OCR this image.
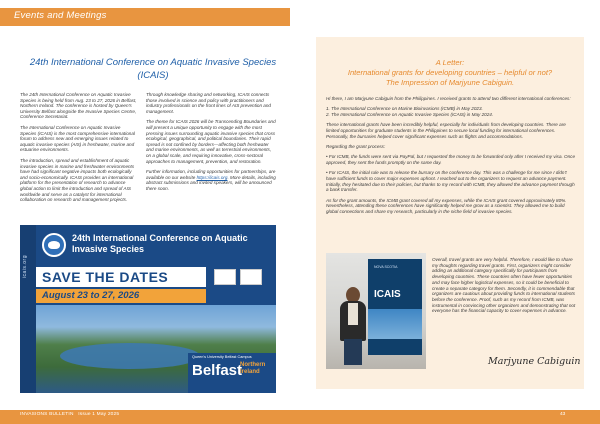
Events and Meetings
24th International Conference on Aquatic Invasive Species (ICAIS)

The 24th International Conference on Aquatic Invasive Species is being held from Aug. 23 to 27, 2026 in Belfast, Northern Ireland. The conference is hosted by Queen's University Belfast alongside the Invasive Species Centre, Conference Secretariat.

The International Conference on Aquatic Invasive Species (ICAIS) is the most comprehensive international forum to address new and emerging issues related to aquatic invasive species (AIS) in freshwater, marine and estuarine environments.

The introduction, spread and establishment of aquatic invasive species in marine and freshwater environments have had significant negative impacts both ecologically and socio-economically. ICAIS provides an international platform for the presentation of research to advance global action to limit the introduction and spread of AIS worldwide and serve as a catalyst for international collaboration on research and management projects.

Through knowledge sharing and networking, ICAIS connects those involved in science and policy with practitioners and industry professionals on the front lines of AIS prevention and management.

The theme for ICAIS 2026 will be Transcending Boundaries and will present a unique opportunity to engage with the most pressing issues surrounding aquatic invasive species that cross ecological, geographical, and political boundaries. Their rapid spread is not confined by borders—affecting both freshwater and marine environments, as well as terrestrial environments, on a global scale, and requiring innovative, cross-sectoral approaches to management, prevention, and restoration.

Further information, including opportunities for partnerships, are available on our website https://icais.org. More details, including abstract submissions and invited speakers, will be announced there soon.

icais.org
24th International Conference on Aquatic Invasive Species
SAVE THE DATES
August 23 to 27, 2026
Queen's University Belfast Campus
Belfast
Northern Ireland
A Letter:
International grants for developing countries – helpful or not?
The Impression of Marjyune Cabiguin.

Hi there, I am Marjyune Cabiguin from the Philippines. I received grants to attend two different international conferences:

1. The International Conference on Marine Bioinvasions (ICMB) in May 2023.
2. The International Conference on Aquatic Invasive Species (ICAIS) in May 2024.

These international grants have been incredibly helpful, especially for individuals from developing countries. There are limited opportunities for graduate students in the Philippines to secure local funding for international conferences. Personally, the bursaries helped cover significant expenses such as flights and accommodations.

Regarding the grant process:

• For ICMB, the funds were sent via PayPal, but I requested the money to be forwarded only after I received my visa. Once approved, they sent the funds promptly on the same day.

• For ICAIS, the initial rule was to release the bursary on the conference day. This was a challenge for me since I didn't have sufficient funds to cover major expenses upfront. I reached out to the organizers to request an advance payment. Initially, they hesitated due to their policies, but thanks to my record with ICMB, they allowed the advance payment through a bank transfer.

As for the grant amounts, the ICMB grant covered all my expenses, while the ICAIS grant covered approximately 80%. Nevertheless, attending these conferences have significantly helped me grow as a scientist. They allowed me to build global connections and share my research, particularly in the niche field of invasive species.

NOVA SCOTIA
ICAIS
Overall, travel grants are very helpful. Therefore, I would like to share my thoughts regarding travel grants. First, organizers might consider adding an additional category specifically for participants from developing countries. These countries often have fewer opportunities and may face higher logistical expenses, so it could be beneficial to create a separate category for them. Secondly, it is commendable that organizers are cautious about providing funds to international students before the conference. Proof, such as my record from ICMB, was instrumental in convincing other organizers and demonstrating that not everyone has the financial capacity to cover expenses in advance.
Marjyune Cabiguin
INVASIONS BULLETIN   Issue 1 May 2025	43
